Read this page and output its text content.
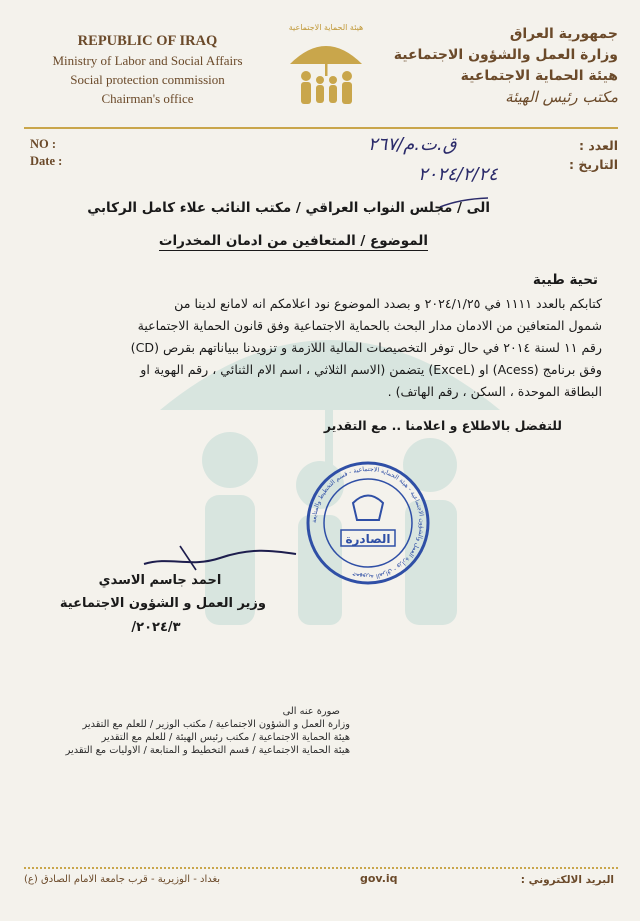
REPUBLIC OF IRAQ
Ministry of Labor and Social Affairs
Social protection commission
Chairman's office
هيئة الحماية الاجتماعية	جمهورية العراق
وزارة العمل والشؤون الاجتماعية
هيئة الحماية الاجتماعية
مكتب رئيس الهيئة
NO :
Date :
العدد :
التاريخ :
ق.ت.م/٢٦٧
٢٠٢٤/٢/٢٤
الى / مجلس النواب العراقي / مكتب النائب علاء كامل الركابي
الموضوع / المتعافين من ادمان المخدرات
تحية طيبة
كتابكم بالعدد ١١١١ في ٢٠٢٤/١/٢٥ و بصدد الموضوع نود اعلامكم انه لامانع لدينا من
شمول المتعافين من الادمان مدار البحث بالحماية الاجتماعية وفق قانون الحماية الاجتماعية
رقم ١١ لسنة ٢٠١٤ في حال توفر التخصيصات المالية اللازمة و تزويدنا ببياناتهم بقرص (CD)
وفق برنامج (Acess) او (ExceL) يتضمن (الاسم الثلاثي ، اسم الام الثنائي ، رقم الهوية او
البطاقة الموحدة ، السكن ، رقم الهاتف) .
للتفضل بالاطلاع و اعلامنا .. مع التقدير
الصادرة
جمهورية العراق - وزارة العمل والشؤون الاجتماعية - هيئة الحماية الاجتماعية - قسم التخطيط والمتابعة
احمد جاسم الاسدي
وزير العمل و الشؤون الاجتماعية
٢٠٢٤/٣/
صورة عنه الى
وزارة العمل و الشؤون الاجتماعية / مكتب الوزير / للعلم مع التقدير
هيئة الحماية الاجتماعية / مكتب رئيس الهيئة / للعلم مع التقدير
هيئة الحماية الاجتماعية / قسم التخطيط و المتابعة / الاوليات مع التقدير
البريد الالكتروني :
gov.iq
بغداد - الوزيرية - قرب جامعة الامام الصادق (ع)
